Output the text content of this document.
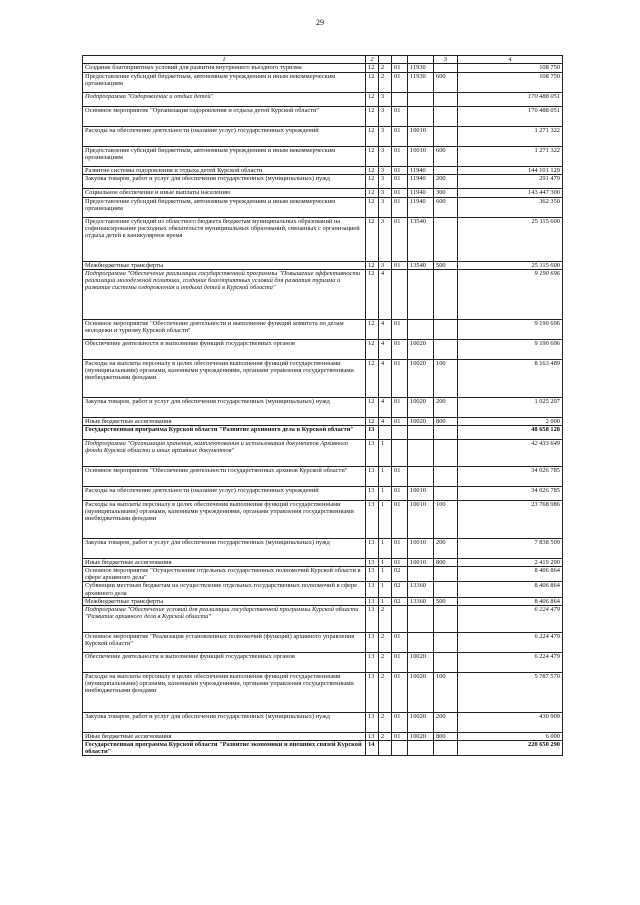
29
1	2				3	4
Создание благоприятных условий для развития внутреннего въездного туризма	12	2	01	11930		108 750
Предоставление субсидий бюджетным, автономным учреждениям и иным некоммерческим организациям	12	2	01	11930	600	108 750
Подпрограмма "Оздоровление и отдых детей"	12	3				170 488 051
Основное мероприятие "Организация оздоровления и отдыха детей Курской области"	12	3	01			170 488 051
Расходы на обеспечение деятельности (оказание услуг) государственных учреждений	12	3	01	10010		1 271 322
Предоставление субсидий бюджетным, автономным учреждениям и иным некоммерческим организациям	12	3	01	10010	600	1 271 322
Развитие системы оздоровления и отдыха детей Курской области	12	3	01	11940		144 101 129
Закупка товаров, работ и услуг для обеспечения государственных (муниципальных) нужд	12	3	01	11940	200	291 479
Социальное обеспечение и иные выплаты населению	12	3	01	11940	300	143 447 300
Предоставление субсидий бюджетным, автономным учреждениям и иным некоммерческим организациям	12	3	01	11940	600	362 350
Предоставление субсидий из областного бюджета бюджетам муниципальных образований на софинансирование расходных обязательств муниципальных образований, связанных с организацией отдыха детей в каникулярное время	12	3	01	13540		25 115 600
Межбюджетные трансферты	12	3	01	13540	500	25 115 600
Подпрограмма "Обеспечение реализации государственной программы "Повышение эффективности реализации молодежной политики, создание благоприятных условий для развития туризма и развитие системы оздоровления и отдыха детей в Курской области"	12	4				9 190 696
Основное мероприятие "Обеспечение деятельности и выполнение функций комитета по делам молодежи и туризму Курской области"	12	4	01			9 190 696
Обеспечение деятельности и выполнение функций государственных органов	12	4	01	10020		9 190 696
Расходы на выплаты персоналу в целях обеспечения выполнения функций государственными (муниципальными) органами, казенными учреждениями, органами управления государственными внебюджетными фондами	12	4	01	10020	100	8 163 489
Закупка товаров, работ и услуг для обеспечения государственных (муниципальных) нужд	12	4	01	10020	200	1 025 207
Иные бюджетные ассигнования	12	4	01	10020	800	2 000
Государственная программа Курской области "Развитие архивного дела в Курской области"	13					48 658 128
Подпрограмма "Организация хранения, комплектования и использования документов Архивного фонда Курской области и иных архивных документов"	13	1				42 433 649
Основное мероприятие "Обеспечение деятельности государственных архивов Курской области"	13	1	01			34 026 785
Расходы на обеспечение деятельности (оказание услуг) государственных учреждений	13	1	01	10010		34 026 785
Расходы на выплаты персоналу в целях обеспечения выполнения функций государственными (муниципальными) органами, казенными учреждениями, органами управления государственными внебюджетными фондами	13	1	01	10010	100	23 768 986
Закупка товаров, работ и услуг для обеспечения государственных (муниципальных) нужд	13	1	01	10010	200	7 838 509
Иные бюджетные ассигнования	13	1	01	10010	800	2 419 290
Основное мероприятие "Осуществление отдельных государственных полномочий Курской области в сфере архивного дела"	13	1	02			8 406 864
Субвенции местным бюджетам на осуществление отдельных государственных полномочий в сфере архивного дела	13	1	02	13360		8 406 864
Межбюджетные трансферты	13	1	02	13360	500	8 406 864
Подпрограмма "Обеспечение условий для реализации государственной программы Курской области "Развитие архивного дела в Курской области"	13	2				6 224 479
Основное мероприятие "Реализация установленных полномочий (функций) архивного управления Курской области"	13	2	01			6 224 479
Обеспечение деятельности и выполнение функций государственных органов	13	2	01	10020		6 224 479
Расходы на выплаты персоналу в целях обеспечения выполнения функций государственными (муниципальными) органами, казенными учреждениями, органами управления государственными внебюджетными фондами	13	2	01	10020	100	5 787 570
Закупка товаров, работ и услуг для обеспечения государственных (муниципальных) нужд	13	2	01	10020	200	430 909
Иные бюджетные ассигнования	13	2	01	10020	800	6 000
Государственная программа Курской области "Развитие экономики и внешних связей Курской области"	14					220 650 290
